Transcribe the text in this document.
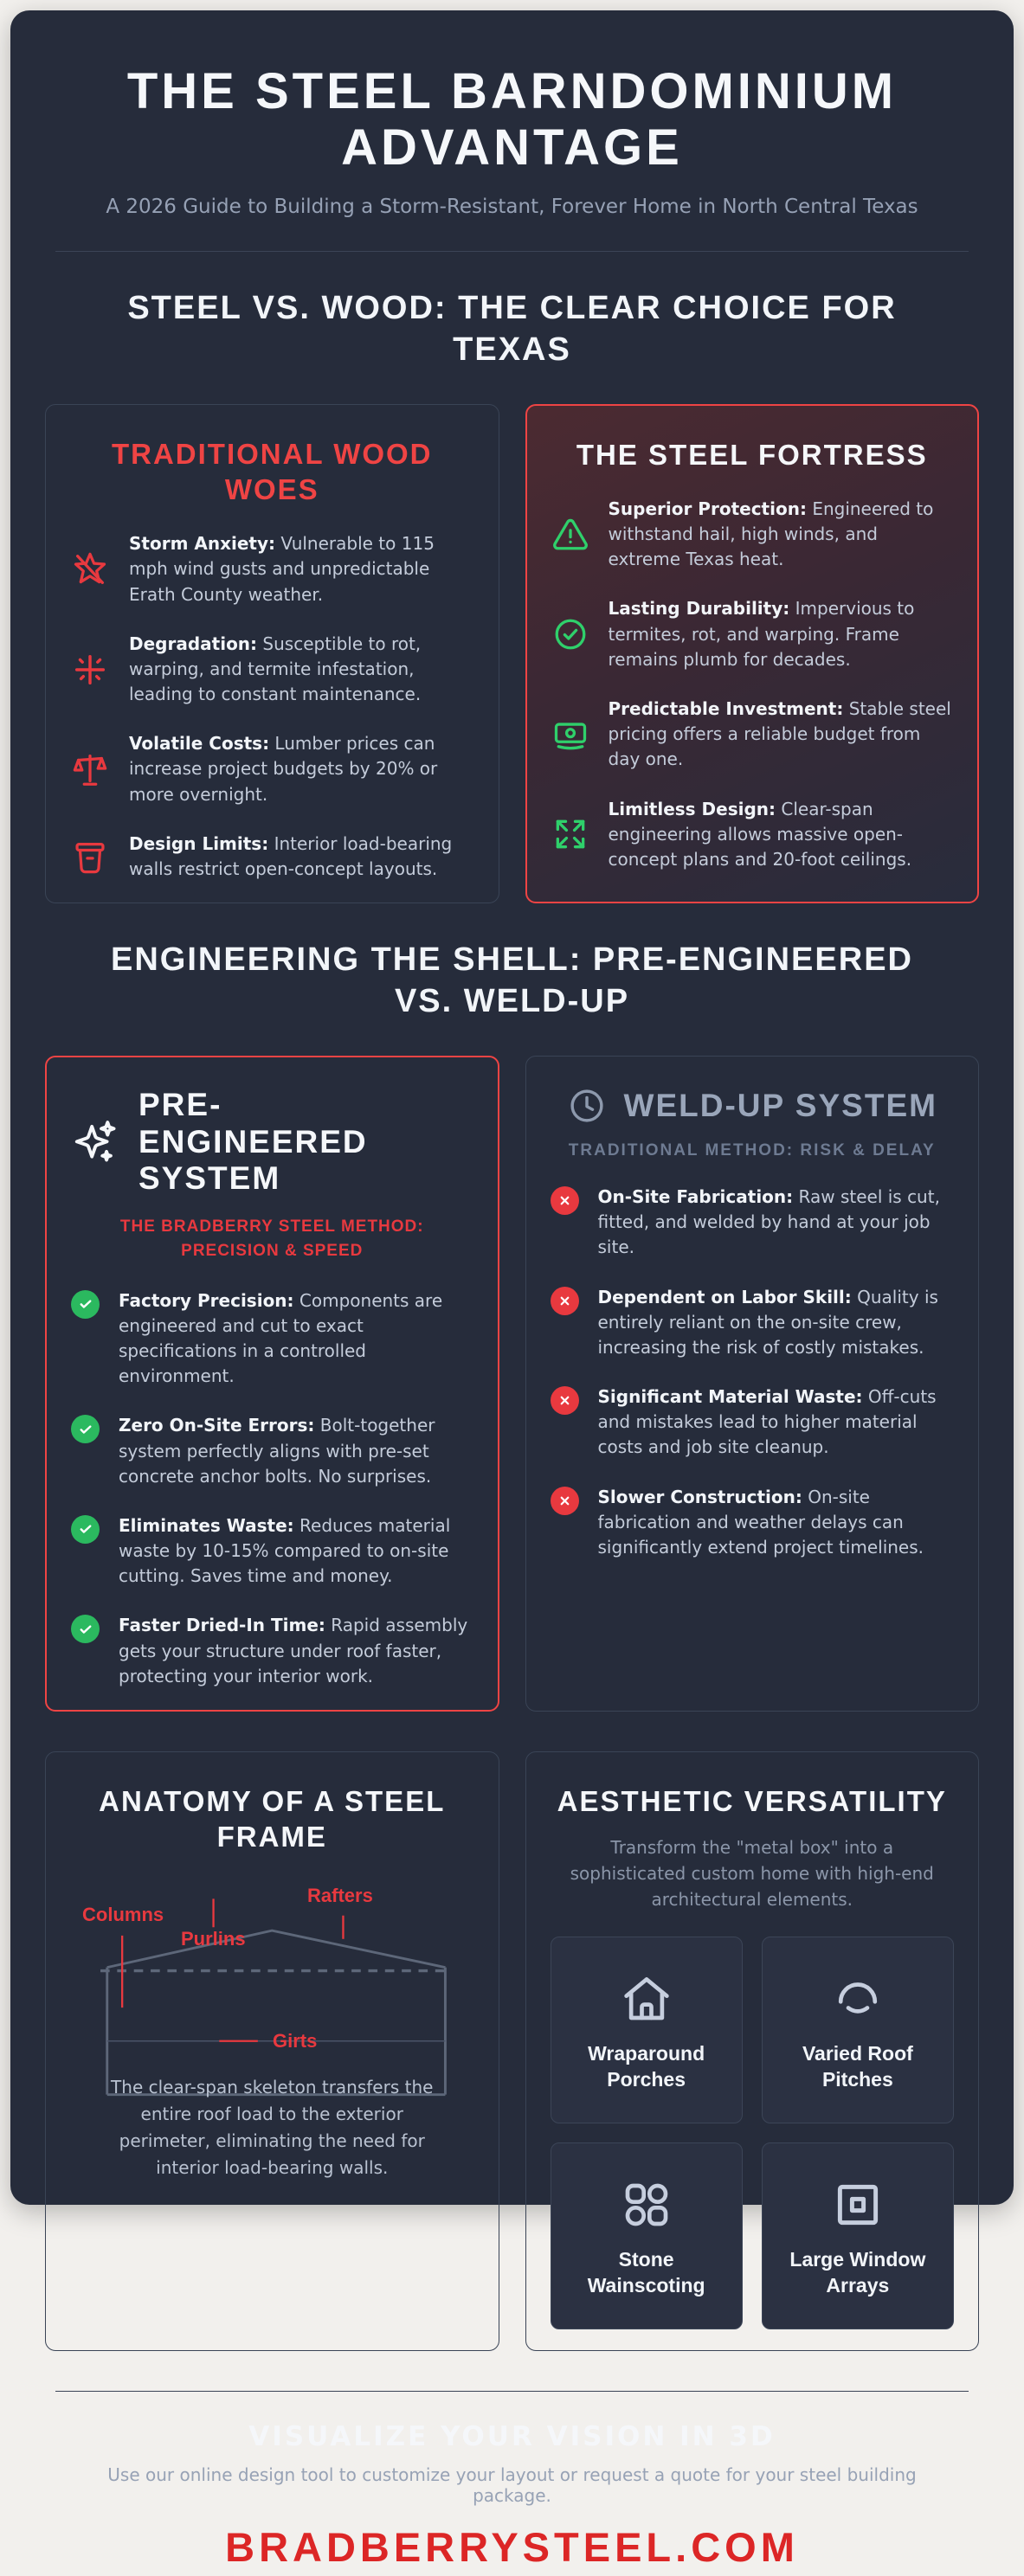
THE STEEL BARNDOMINIUM ADVANTAGE
A 2026 Guide to Building a Storm-Resistant, Forever Home in North Central Texas
STEEL VS. WOOD: THE CLEAR CHOICE FOR TEXAS
TRADITIONAL WOOD WOES

Storm Anxiety: Vulnerable to 115 mph wind gusts and unpredictable Erath County weather.

Degradation: Susceptible to rot, warping, and termite infestation, leading to constant maintenance.

Volatile Costs: Lumber prices can increase project budgets by 20% or more overnight.

Design Limits: Interior load-bearing walls restrict open-concept layouts.

THE STEEL FORTRESS

Superior Protection: Engineered to withstand hail, high winds, and extreme Texas heat.

Lasting Durability: Impervious to termites, rot, and warping. Frame remains plumb for decades.

Predictable Investment: Stable steel pricing offers a reliable budget from day one.

Limitless Design: Clear-span engineering allows massive open-concept plans and 20-foot ceilings.

ENGINEERING THE SHELL: PRE-ENGINEERED VS. WELD-UP
PRE-ENGINEERED SYSTEM
THE BRADBERRY STEEL METHOD: PRECISION & SPEED

Factory Precision: Components are engineered and cut to exact specifications in a controlled environment.

Zero On-Site Errors: Bolt-together system perfectly aligns with pre-set concrete anchor bolts. No surprises.

Eliminates Waste: Reduces material waste by 10-15% compared to on-site cutting. Saves time and money.

Faster Dried-In Time: Rapid assembly gets your structure under roof faster, protecting your interior work.

WELD-UP SYSTEM
TRADITIONAL METHOD: RISK & DELAY

On-Site Fabrication: Raw steel is cut, fitted, and welded by hand at your job site.

Dependent on Labor Skill: Quality is entirely reliant on the on-site crew, increasing the risk of costly mistakes.

Significant Material Waste: Off-cuts and mistakes lead to higher material costs and job site cleanup.

Slower Construction: On-site fabrication and weather delays can significantly extend project timelines.

ANATOMY OF A STEEL FRAME
Columns
Purlins
Rafters
Girts

The clear-span skeleton transfers the entire roof load to the exterior perimeter, eliminating the need for interior load-bearing walls.

AESTHETIC VERSATILITY

Transform the "metal box" into a sophisticated custom home with high-end architectural elements.

Wraparound Porches
Varied Roof Pitches
Stone Wainscoting
Large Window Arrays
VISUALIZE YOUR VISION IN 3D

Use our online design tool to customize your layout or request a quote for your steel building package.

BRADBERRYSTEEL.COM
